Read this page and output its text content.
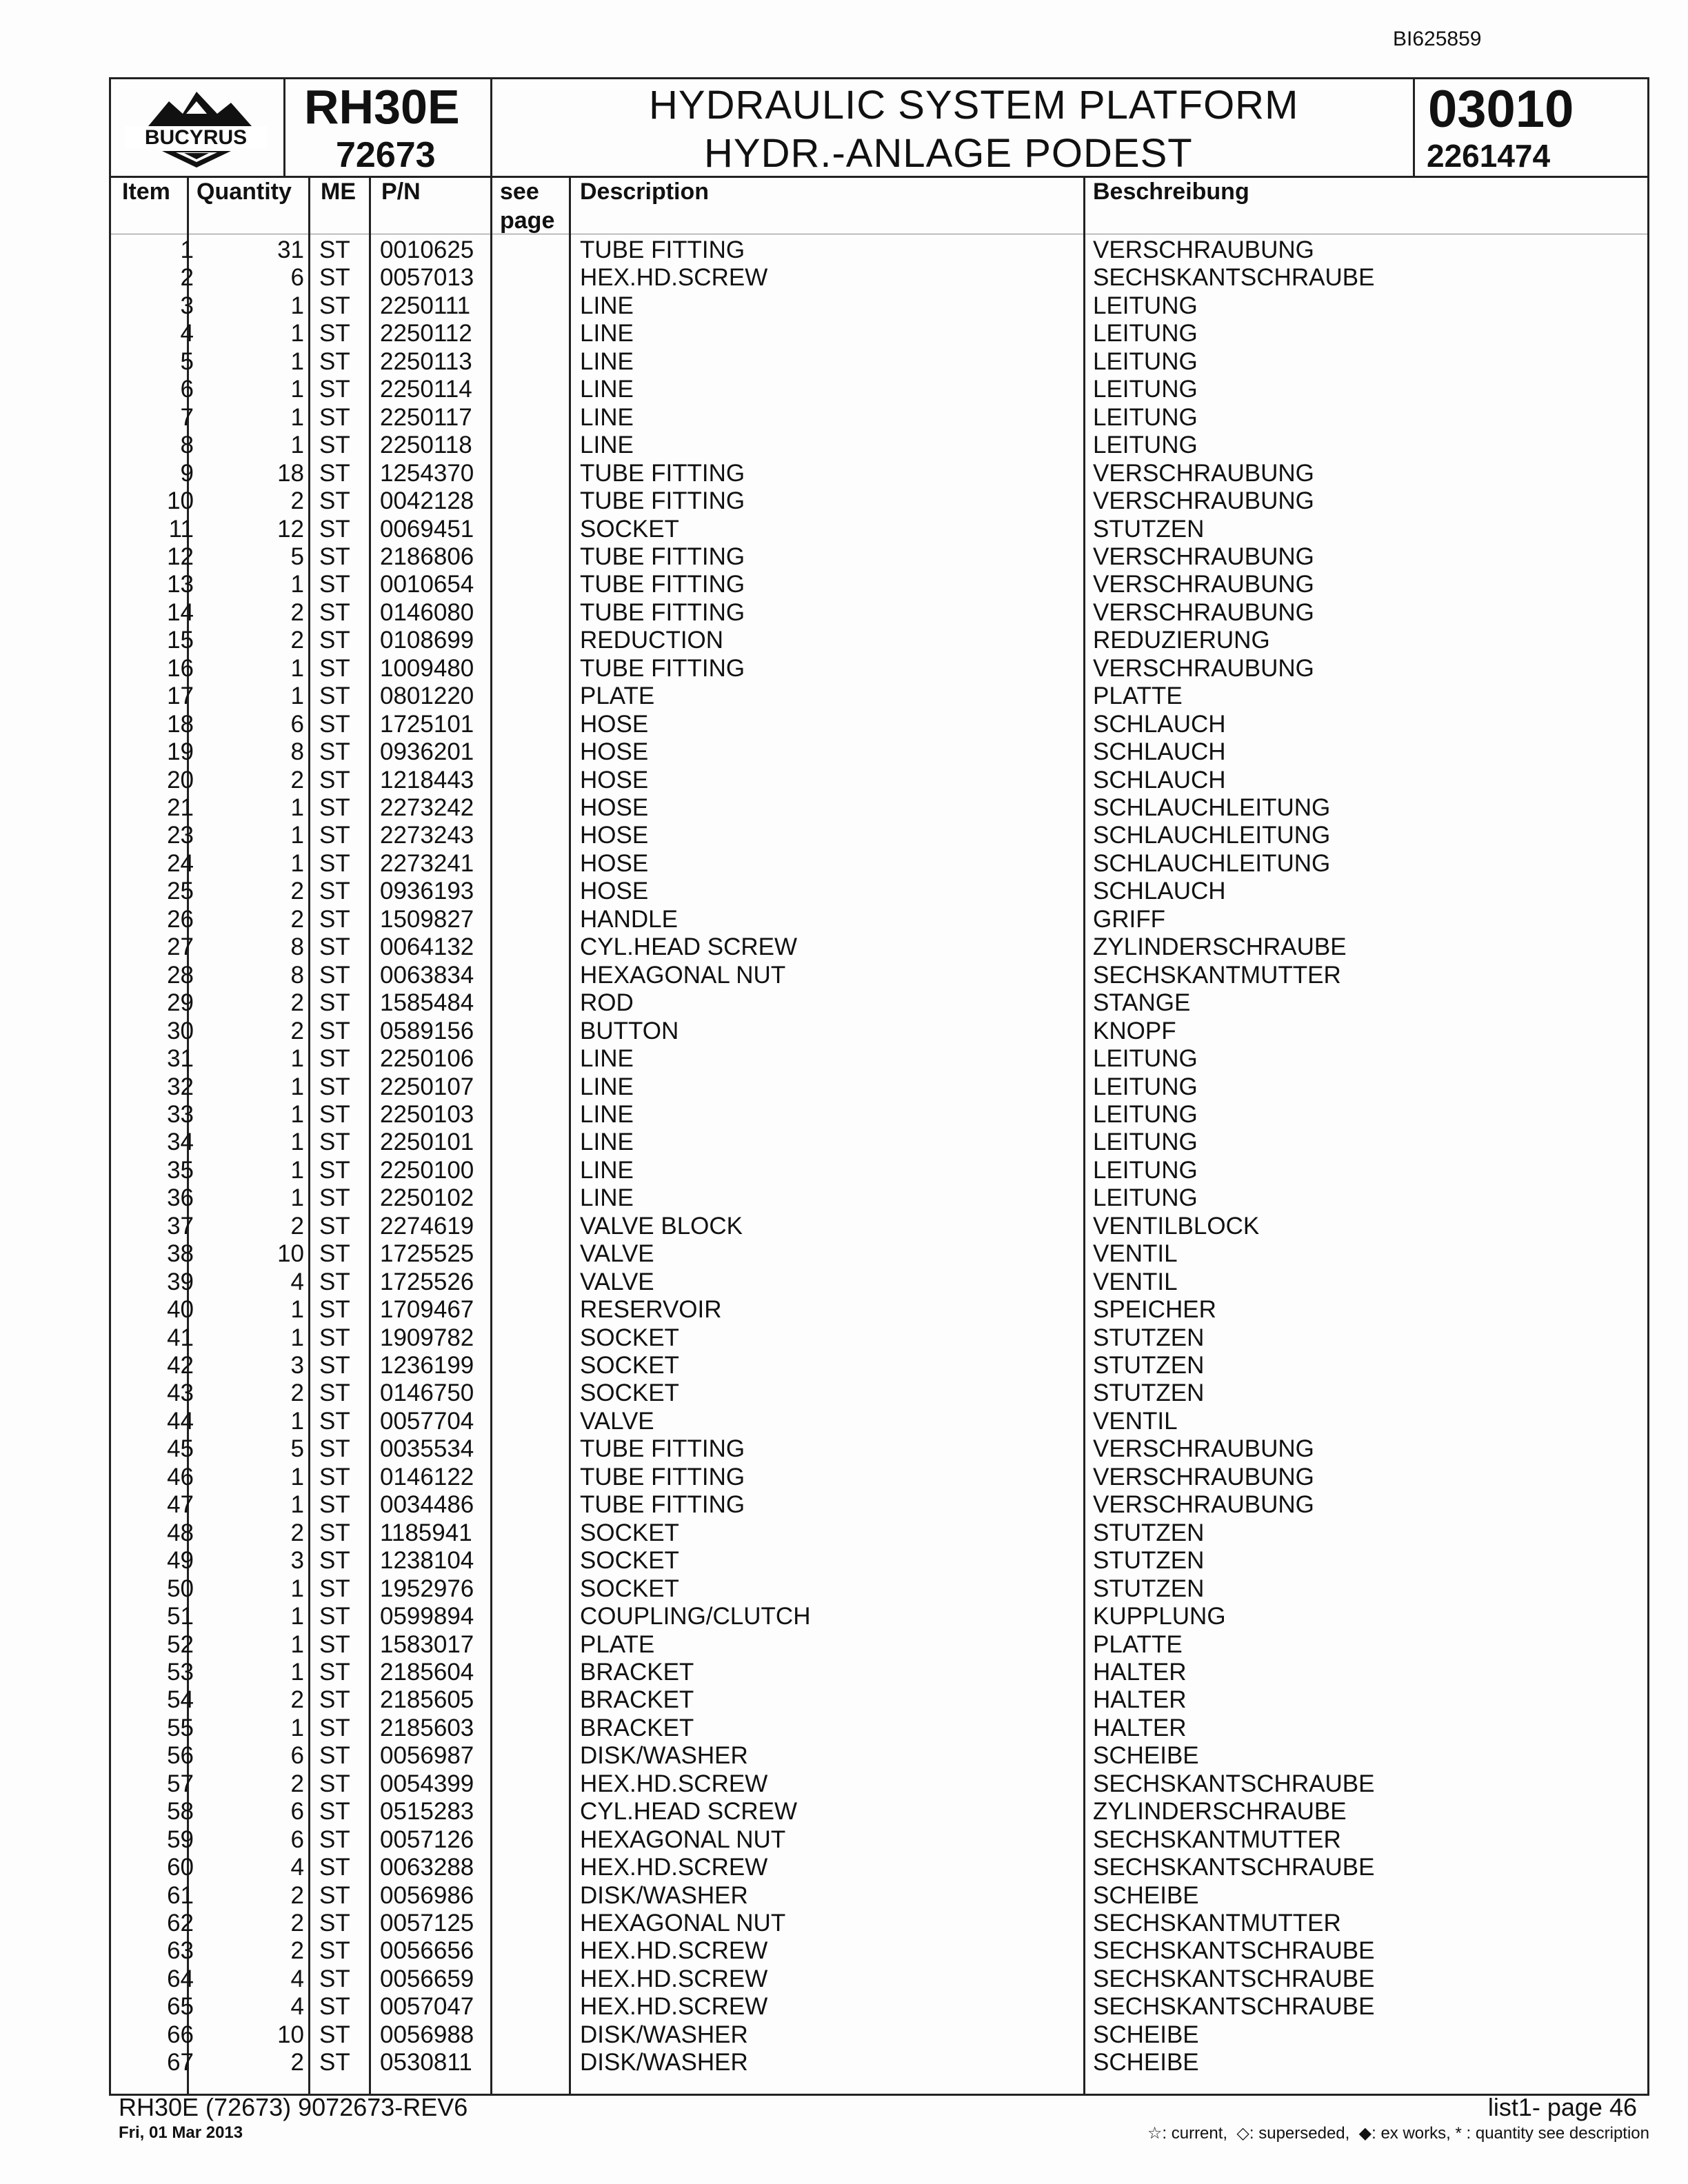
BI625859
BUCYRUS
RH30E
72673
HYDRAULIC SYSTEM PLATFORM
HYDR.-ANLAGE PODEST
03010
2261474
Item Quantity ME P/N	see
page
Description	Beschreibung
1	31 ST 0010625	TUBE FITTING	VERSCHRAUBUNG
2	6 ST 0057013	HEX.HD.SCREW	SECHSKANTSCHRAUBE
3	1 ST 2250111	LINE	LEITUNG
4	1 ST 2250112	LINE	LEITUNG
5	1 ST 2250113	LINE	LEITUNG
6	1 ST 2250114	LINE	LEITUNG
7	1 ST 2250117	LINE	LEITUNG
8	1 ST 2250118	LINE	LEITUNG
9	18 ST 1254370	TUBE FITTING	VERSCHRAUBUNG
10	2 ST 0042128	TUBE FITTING	VERSCHRAUBUNG
11	12 ST 0069451	SOCKET	STUTZEN
12	5 ST 2186806	TUBE FITTING	VERSCHRAUBUNG
13	1 ST 0010654	TUBE FITTING	VERSCHRAUBUNG
14	2 ST 0146080	TUBE FITTING	VERSCHRAUBUNG
15	2 ST 0108699	REDUCTION	REDUZIERUNG
16	1 ST 1009480	TUBE FITTING	VERSCHRAUBUNG
17	1 ST 0801220	PLATE	PLATTE
18	6 ST 1725101	HOSE	SCHLAUCH
19	8 ST 0936201	HOSE	SCHLAUCH
20	2 ST 1218443	HOSE	SCHLAUCH
21	1 ST 2273242	HOSE	SCHLAUCHLEITUNG
23	1 ST 2273243	HOSE	SCHLAUCHLEITUNG
24	1 ST 2273241	HOSE	SCHLAUCHLEITUNG
25	2 ST 0936193	HOSE	SCHLAUCH
26	2 ST 1509827	HANDLE	GRIFF
27	8 ST 0064132	CYL.HEAD SCREW	ZYLINDERSCHRAUBE
28	8 ST 0063834	HEXAGONAL NUT	SECHSKANTMUTTER
29	2 ST 1585484	ROD	STANGE
30	2 ST 0589156	BUTTON	KNOPF
31	1 ST 2250106	LINE	LEITUNG
32	1 ST 2250107	LINE	LEITUNG
33	1 ST 2250103	LINE	LEITUNG
34	1 ST 2250101	LINE	LEITUNG
35	1 ST 2250100	LINE	LEITUNG
36	1 ST 2250102	LINE	LEITUNG
37	2 ST 2274619	VALVE BLOCK	VENTILBLOCK
38	10 ST 1725525	VALVE	VENTIL
39	4 ST 1725526	VALVE	VENTIL
40	1 ST 1709467	RESERVOIR	SPEICHER
41	1 ST 1909782	SOCKET	STUTZEN
42	3 ST 1236199	SOCKET	STUTZEN
43	2 ST 0146750	SOCKET	STUTZEN
44	1 ST 0057704	VALVE	VENTIL
45	5 ST 0035534	TUBE FITTING	VERSCHRAUBUNG
46	1 ST 0146122	TUBE FITTING	VERSCHRAUBUNG
47	1 ST 0034486	TUBE FITTING	VERSCHRAUBUNG
48	2 ST 1185941	SOCKET	STUTZEN
49	3 ST 1238104	SOCKET	STUTZEN
50	1 ST 1952976	SOCKET	STUTZEN
51	1 ST 0599894	COUPLING/CLUTCH	KUPPLUNG
52	1 ST 1583017	PLATE	PLATTE
53	1 ST 2185604	BRACKET	HALTER
54	2 ST 2185605	BRACKET	HALTER
55	1 ST 2185603	BRACKET	HALTER
56	6 ST 0056987	DISK/WASHER	SCHEIBE
57	2 ST 0054399	HEX.HD.SCREW	SECHSKANTSCHRAUBE
58	6 ST 0515283	CYL.HEAD SCREW	ZYLINDERSCHRAUBE
59	6 ST 0057126	HEXAGONAL NUT	SECHSKANTMUTTER
60	4 ST 0063288	HEX.HD.SCREW	SECHSKANTSCHRAUBE
61	2 ST 0056986	DISK/WASHER	SCHEIBE
62	2 ST 0057125	HEXAGONAL NUT	SECHSKANTMUTTER
63	2 ST 0056656	HEX.HD.SCREW	SECHSKANTSCHRAUBE
64	4 ST 0056659	HEX.HD.SCREW	SECHSKANTSCHRAUBE
65	4 ST 0057047	HEX.HD.SCREW	SECHSKANTSCHRAUBE
66	10 ST 0056988	DISK/WASHER	SCHEIBE
67	2 ST 0530811	DISK/WASHER	SCHEIBE
RH30E (72673) 9072673-REV6
Fri, 01 Mar 2013
list1- page 46
☆: current,  ◇: superseded,  ◆: ex works, * : quantity see description
